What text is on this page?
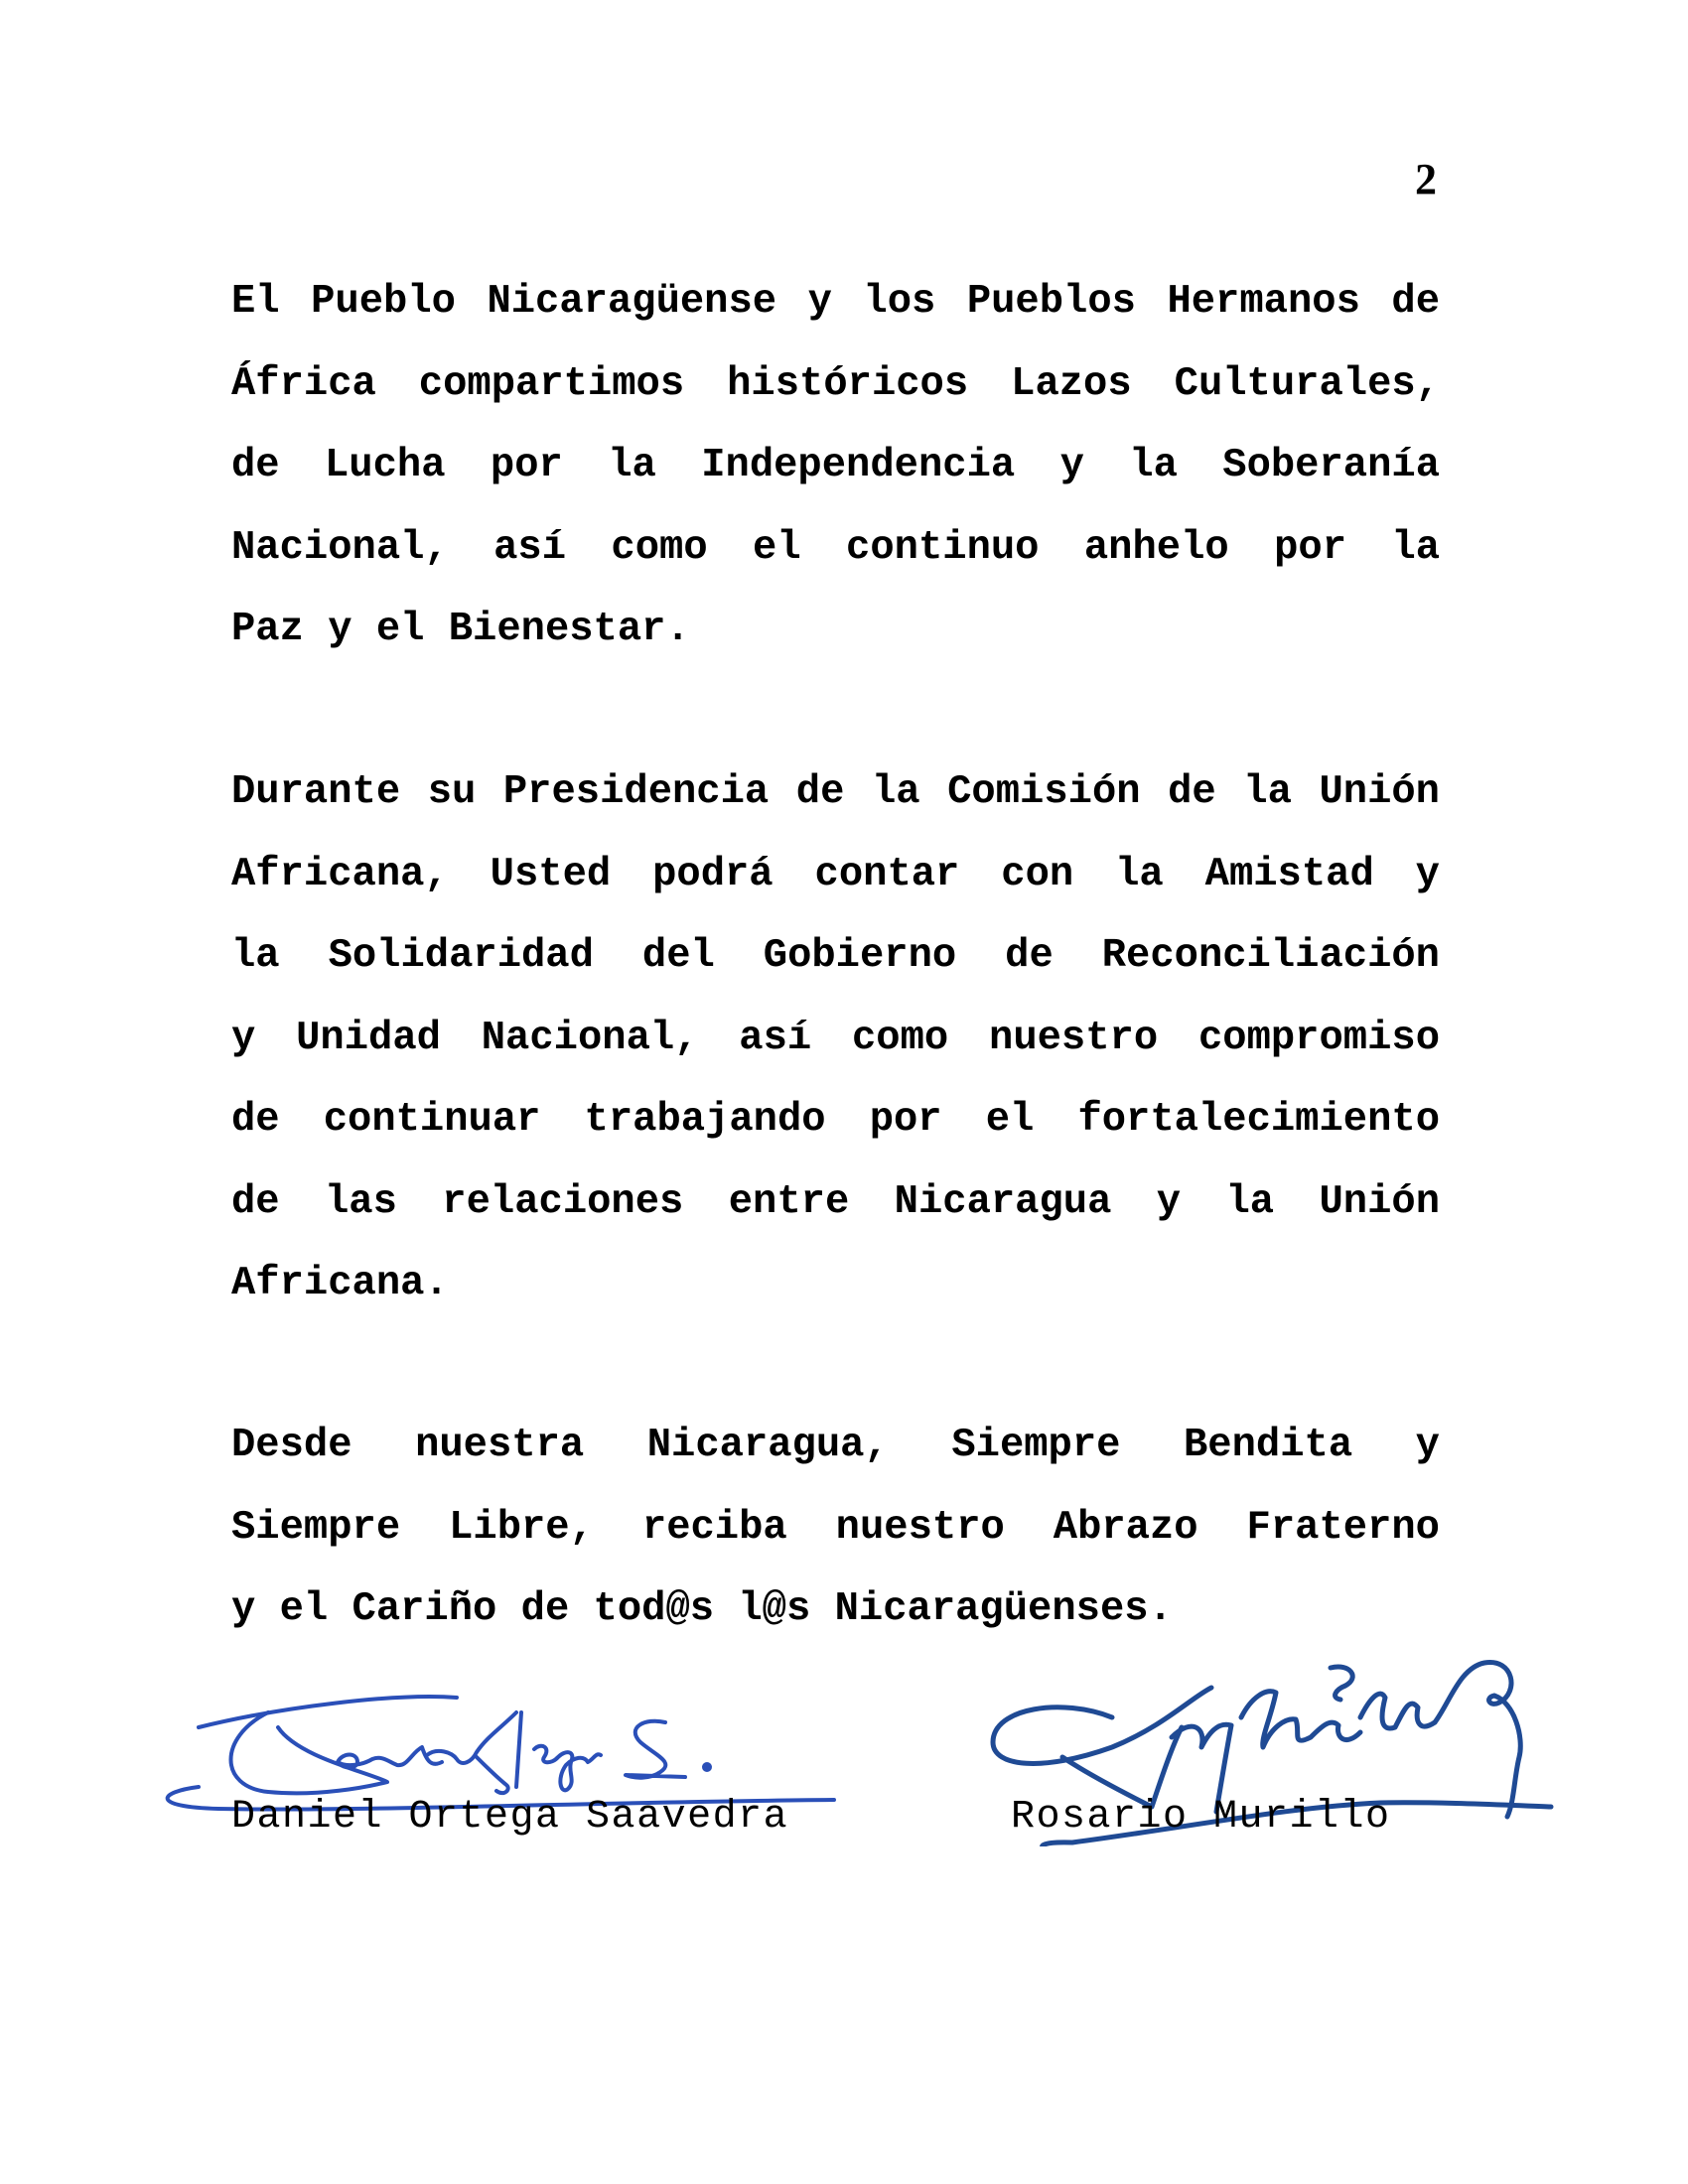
2
El Pueblo Nicaragüense y los Pueblos Hermanos de
África compartimos históricos Lazos Culturales,
de Lucha por la Independencia y la Soberanía
Nacional, así como el continuo anhelo por la
Paz y el Bienestar.
Durante su Presidencia de la Comisión de la Unión
Africana, Usted podrá contar con la Amistad y
la Solidaridad del Gobierno de Reconciliación
y Unidad Nacional, así como nuestro compromiso
de continuar trabajando por el fortalecimiento
de las relaciones entre Nicaragua y la Unión
Africana.
Desde nuestra Nicaragua, Siempre Bendita y
Siempre Libre, reciba nuestro Abrazo Fraterno
y el Cariño de tod@s l@s Nicaragüenses.
Daniel Ortega Saavedra	Rosario Murillo
